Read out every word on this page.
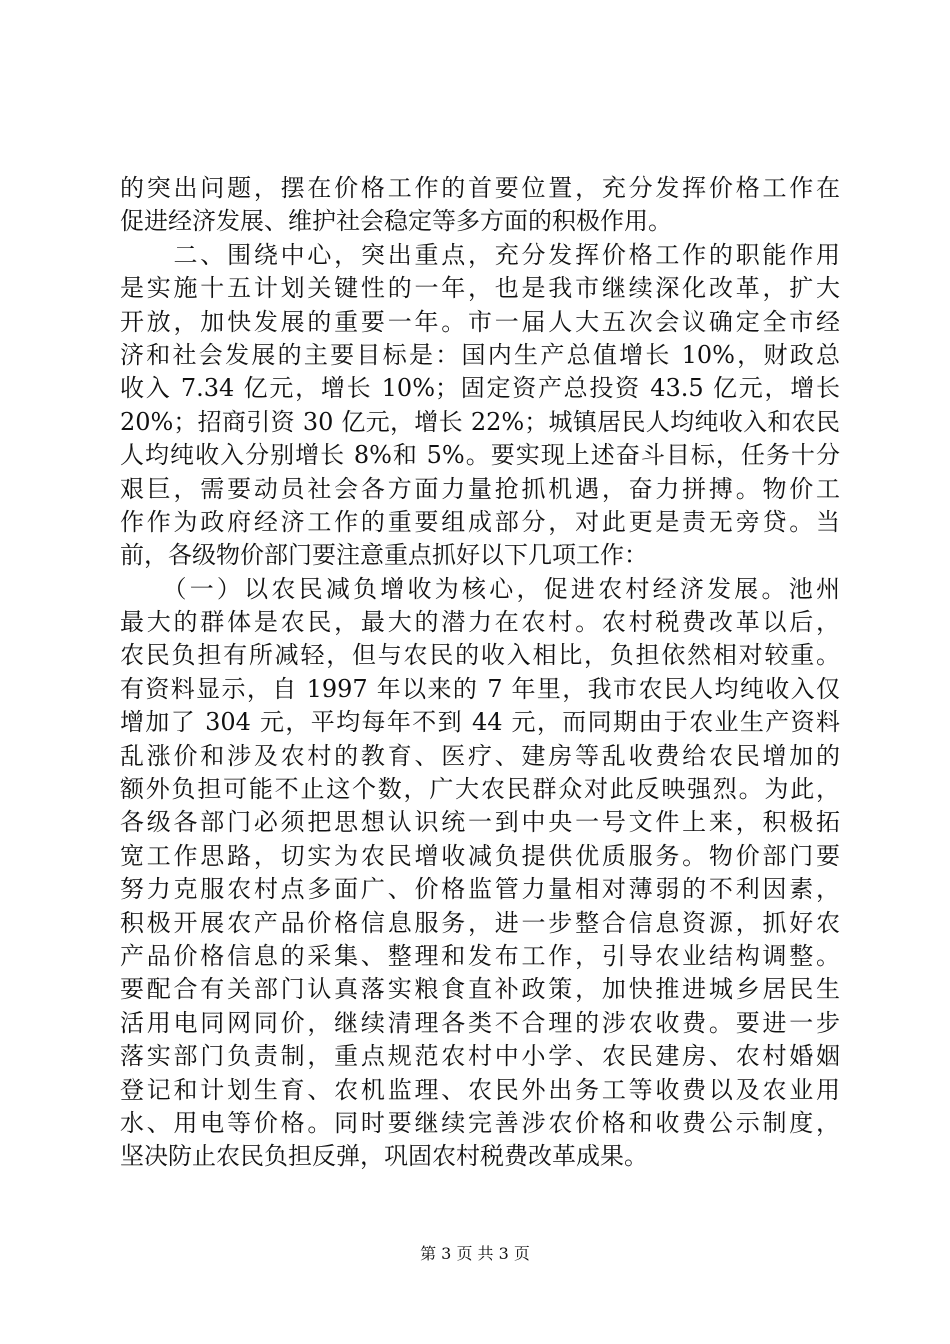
的突出问题，摆在价格工作的首要位置，充分发挥价格工作在
促进经济发展、维护社会稳定等多方面的积极作用。
　　二、围绕中心，突出重点，充分发挥价格工作的职能作用
是实施十五计划关键性的一年，也是我市继续深化改革，扩大
开放，加快发展的重要一年。市一届人大五次会议确定全市经
济和社会发展的主要目标是：国内生产总值增长 10%，财政总
收入 7.34 亿元，增长 10%；固定资产总投资 43.5 亿元，增长
20%；招商引资 30 亿元，增长 22%；城镇居民人均纯收入和农民
人均纯收入分别增长 8%和 5%。要实现上述奋斗目标，任务十分
艰巨，需要动员社会各方面力量抢抓机遇，奋力拼搏。物价工
作作为政府经济工作的重要组成部分，对此更是责无旁贷。当
前，各级物价部门要注意重点抓好以下几项工作：
　　（一）以农民减负增收为核心，促进农村经济发展。池州
最大的群体是农民，最大的潜力在农村。农村税费改革以后，
农民负担有所减轻，但与农民的收入相比，负担依然相对较重。
有资料显示，自 1997 年以来的 7 年里，我市农民人均纯收入仅
增加了 304 元，平均每年不到 44 元，而同期由于农业生产资料
乱涨价和涉及农村的教育、医疗、建房等乱收费给农民增加的
额外负担可能不止这个数，广大农民群众对此反映强烈。为此，
各级各部门必须把思想认识统一到中央一号文件上来，积极拓
宽工作思路，切实为农民增收减负提供优质服务。物价部门要
努力克服农村点多面广、价格监管力量相对薄弱的不利因素，
积极开展农产品价格信息服务，进一步整合信息资源，抓好农
产品价格信息的采集、整理和发布工作，引导农业结构调整。
要配合有关部门认真落实粮食直补政策，加快推进城乡居民生
活用电同网同价，继续清理各类不合理的涉农收费。要进一步
落实部门负责制，重点规范农村中小学、农民建房、农村婚姻
登记和计划生育、农机监理、农民外出务工等收费以及农业用
水、用电等价格。同时要继续完善涉农价格和收费公示制度，
坚决防止农民负担反弹，巩固农村税费改革成果。
第 3 页 共 3 页
